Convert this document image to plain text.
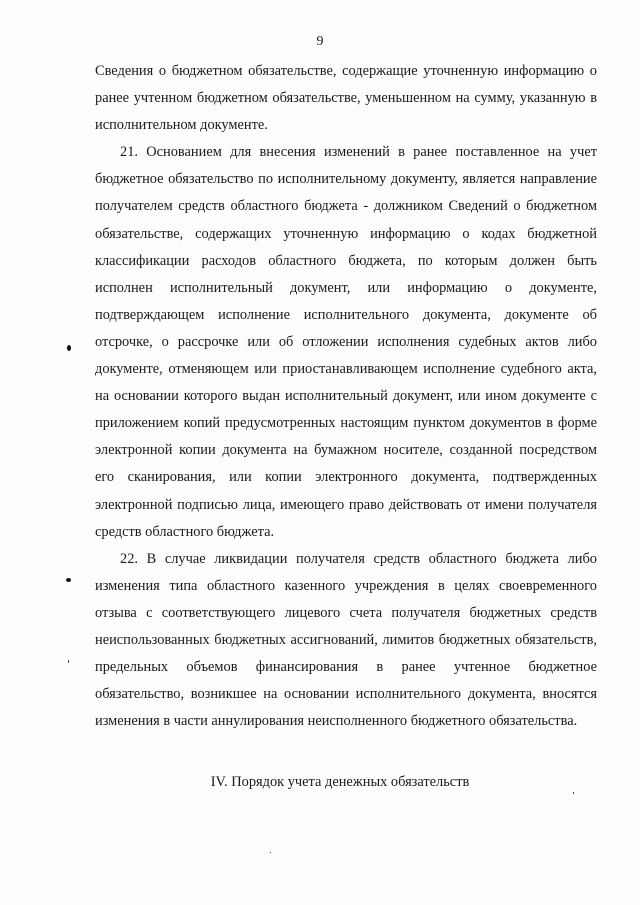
9

Сведения о бюджетном обязательстве, содержащие уточненную информацию о ранее учтенном бюджетном обязательстве, уменьшенном на сумму, указанную в исполнительном документе.

21. Основанием для внесения изменений в ранее поставленное на учет бюджетное обязательство по исполнительному документу, является направление получателем средств областного бюджета - должником Сведений о бюджетном обязательстве, содержащих уточненную информацию о кодах бюджетной классификации расходов областного бюджета, по которым должен быть исполнен исполнительный документ, или информацию о документе, подтверждающем исполнение исполнительного документа, документе об отсрочке, о рассрочке или об отложении исполнения судебных актов либо документе, отменяющем или приостанавливающем исполнение судебного акта, на основании которого выдан исполнительный документ, или ином документе с приложением копий предусмотренных настоящим пунктом документов в форме электронной копии документа на бумажном носителе, созданной посредством его сканирования, или копии электронного документа, подтвержденных электронной подписью лица, имеющего право действовать от имени получателя средств областного бюджета.

22. В случае ликвидации получателя средств областного бюджета либо изменения типа областного казенного учреждения в целях своевременного отзыва с соответствующего лицевого счета получателя бюджетных средств неиспользованных бюджетных ассигнований, лимитов бюджетных обязательств, предельных объемов финансирования в ранее учтенное бюджетное обязательство, возникшее на основании исполнительного документа, вносятся изменения в части аннулирования неисполненного бюджетного обязательства.

IV. Порядок учета денежных обязательств
